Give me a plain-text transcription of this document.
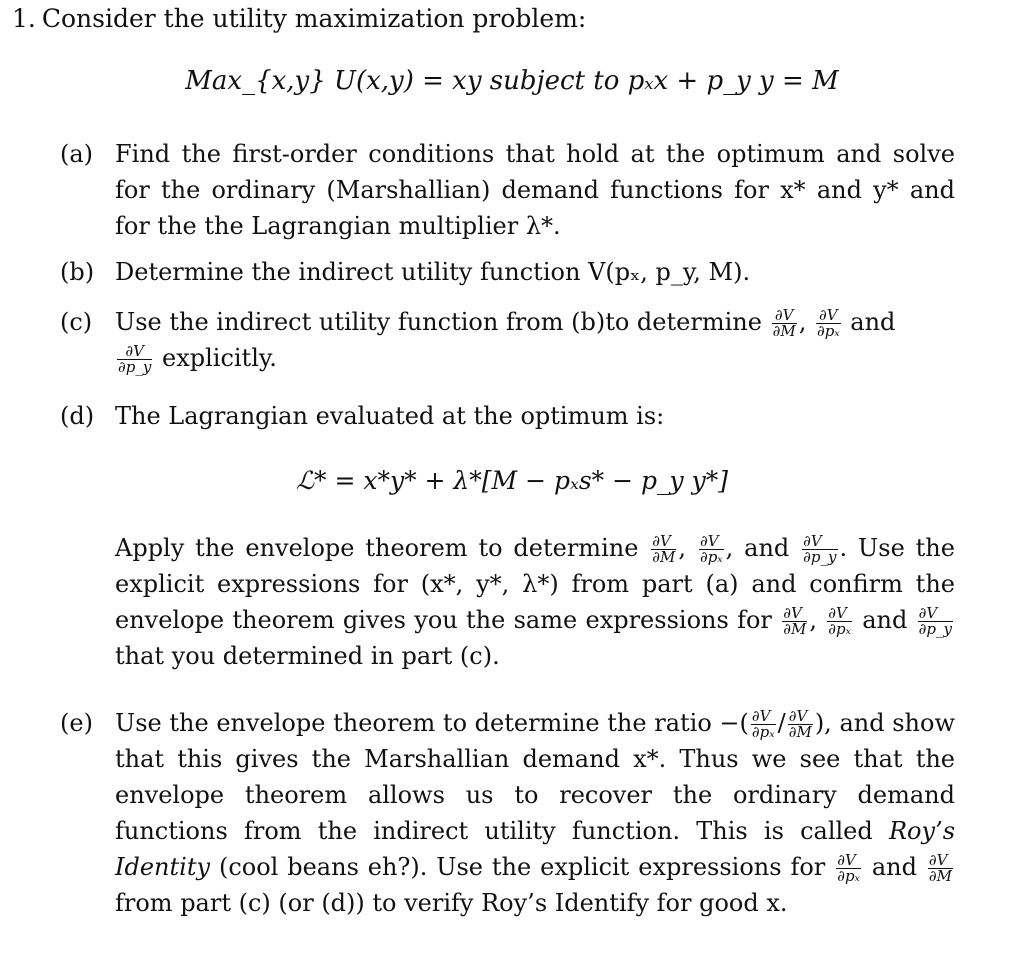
1. Consider the utility maximization problem:
Max_{x,y} U(x,y) = xy subject to pₓx + p_y y = M
(a) Find the first-order conditions that hold at the optimum and solve for the ordinary (Marshallian) demand functions for x* and y* and for the the Lagrangian multiplier λ*.
(b) Determine the indirect utility function V(pₓ, p_y, M).
(c) Use the indirect utility function from (b)to determine $\frac{\partial V}{\partial M}$ , $\frac{\partial V}{\text{∂pₓ}}$ and

$\frac{\partial V}{\partial p\_y}$ explicitly.
(d) The Lagrangian evaluated at the optimum is:
ℒ* = x*y* + λ*[M − pₓs* − p_y y*]
Apply the envelope theorem to determine $\frac{\partial V}{\partial M}$ , $\frac{\partial V}{\text{∂pₓ}}$ , and $\frac{\partial V}{\partial p\_y}$ . Use the explicit expressions for (x*, y*, λ*) from part (a) and confirm the envelope theorem gives you the same expressions for $\frac{\partial V}{\partial M}$ , $\frac{\partial V}{\text{∂pₓ}}$ and $\frac{\partial V}{\partial p\_y}$
that you determined in part (c).
(e) Use the envelope theorem to determine the ratio −( $\frac{\partial V}{\text{∂pₓ}} / \frac{\partial V}{\partial M}$ ), and show that this gives the Marshallian demand x*. Thus we see that the envelope theorem allows us to recover the ordinary demand functions from the indirect utility function. This is called Roy’s Identity (cool beans eh?). Use the explicit expressions for $\frac{\partial V}{\text{∂pₓ}}$ and $\frac{\partial V}{\partial M}$
from part (c) (or (d)) to verify Roy’s Identify for good x.
